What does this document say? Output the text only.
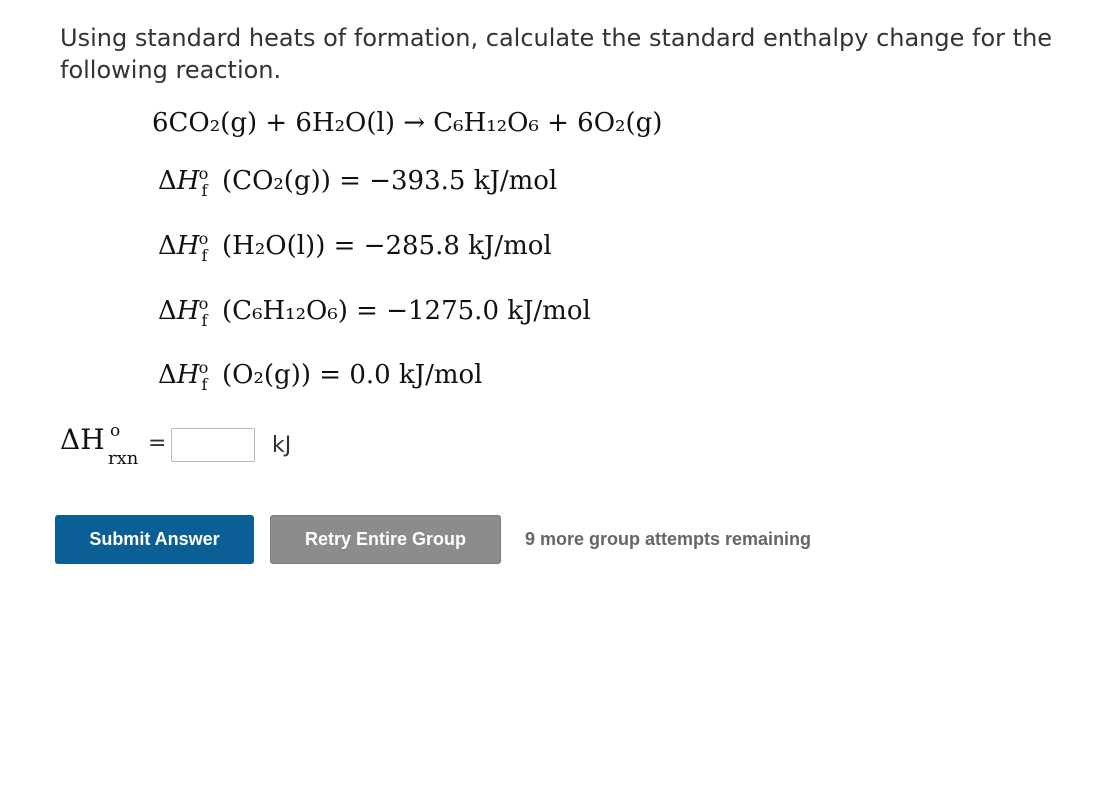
Using standard heats of formation, calculate the standard enthalpy change for the following reaction.
6CO₂(g) + 6H₂O(l) → C₆H₁₂O₆ + 6O₂(g)
ΔH o
f (CO₂(g)) = −393.5 kJ/mol
ΔH o
f (H₂O(l)) = −285.8 kJ/mol
ΔH o
f (C₆H₁₂O₆) = −1275.0 kJ/mol
ΔH o
f (O₂(g)) = 0.0 kJ/mol
ΔH o
rxn
=	kJ
Submit Answer	Retry Entire Group	9 more group attempts remaining
